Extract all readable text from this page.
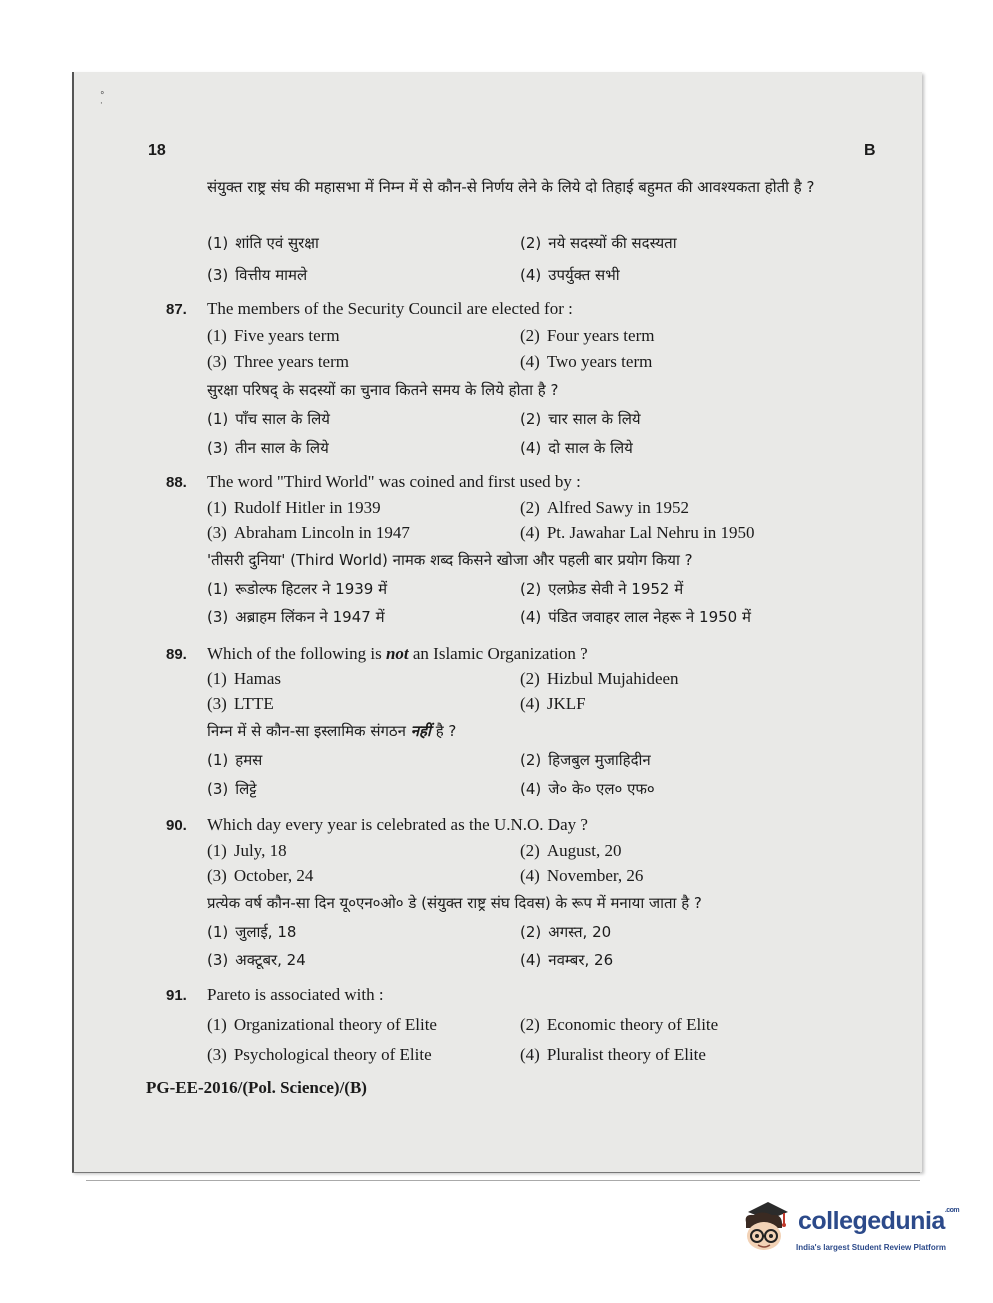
°
·
18	B
संयुक्त राष्ट्र संघ की महासभा में निम्न में से कौन-से निर्णय लेने के लिये दो तिहाई बहुमत की आवश्यकता होती है ?
(1) शांति एवं सुरक्षा	(2) नये सदस्यों की सदस्यता
(3) वित्तीय मामले	(4) उपर्युक्त सभी
87. The members of the Security Council are elected for :
(1) Five years term	(2) Four years term
(3) Three years term	(4) Two years term
सुरक्षा परिषद् के सदस्यों का चुनाव कितने समय के लिये होता है ?
(1) पाँच साल के लिये	(2) चार साल के लिये
(3) तीन साल के लिये	(4) दो साल के लिये
88. The word "Third World" was coined and first used by :
(1) Rudolf Hitler in 1939	(2) Alfred Sawy in 1952
(3) Abraham Lincoln in 1947	(4) Pt. Jawahar Lal Nehru in 1950
'तीसरी दुनिया' (Third World) नामक शब्द किसने खोजा और पहली बार प्रयोग किया ?
(1) रूडोल्फ हिटलर ने 1939 में	(2) एलफ्रेड सेवी ने 1952 में
(3) अब्राहम लिंकन ने 1947 में	(4) पंडित जवाहर लाल नेहरू ने 1950 में
89. Which of the following is not an Islamic Organization ?
(1) Hamas	(2) Hizbul Mujahideen
(3) LTTE	(4) JKLF
निम्न में से कौन-सा इस्लामिक संगठन नहीं है ?
(1) हमस	(2) हिजबुल मुजाहिदीन
(3) लिट्टे	(4) जे० के० एल० एफ०
90. Which day every year is celebrated as the U.N.O. Day ?
(1) July, 18	(2) August, 20
(3) October, 24	(4) November, 26
प्रत्येक वर्ष कौन-सा दिन यू०एन०ओ० डे (संयुक्त राष्ट्र संघ दिवस) के रूप में मनाया जाता है ?
(1) जुलाई, 18	(2) अगस्त, 20
(3) अक्टूबर, 24	(4) नवम्बर, 26
91. Pareto is associated with :
(1) Organizational theory of Elite	(2) Economic theory of Elite
(3) Psychological theory of Elite	(4) Pluralist theory of Elite
PG-EE-2016/(Pol. Science)/(B)
collegedunia$^{.com}$
India's largest Student Review Platform
